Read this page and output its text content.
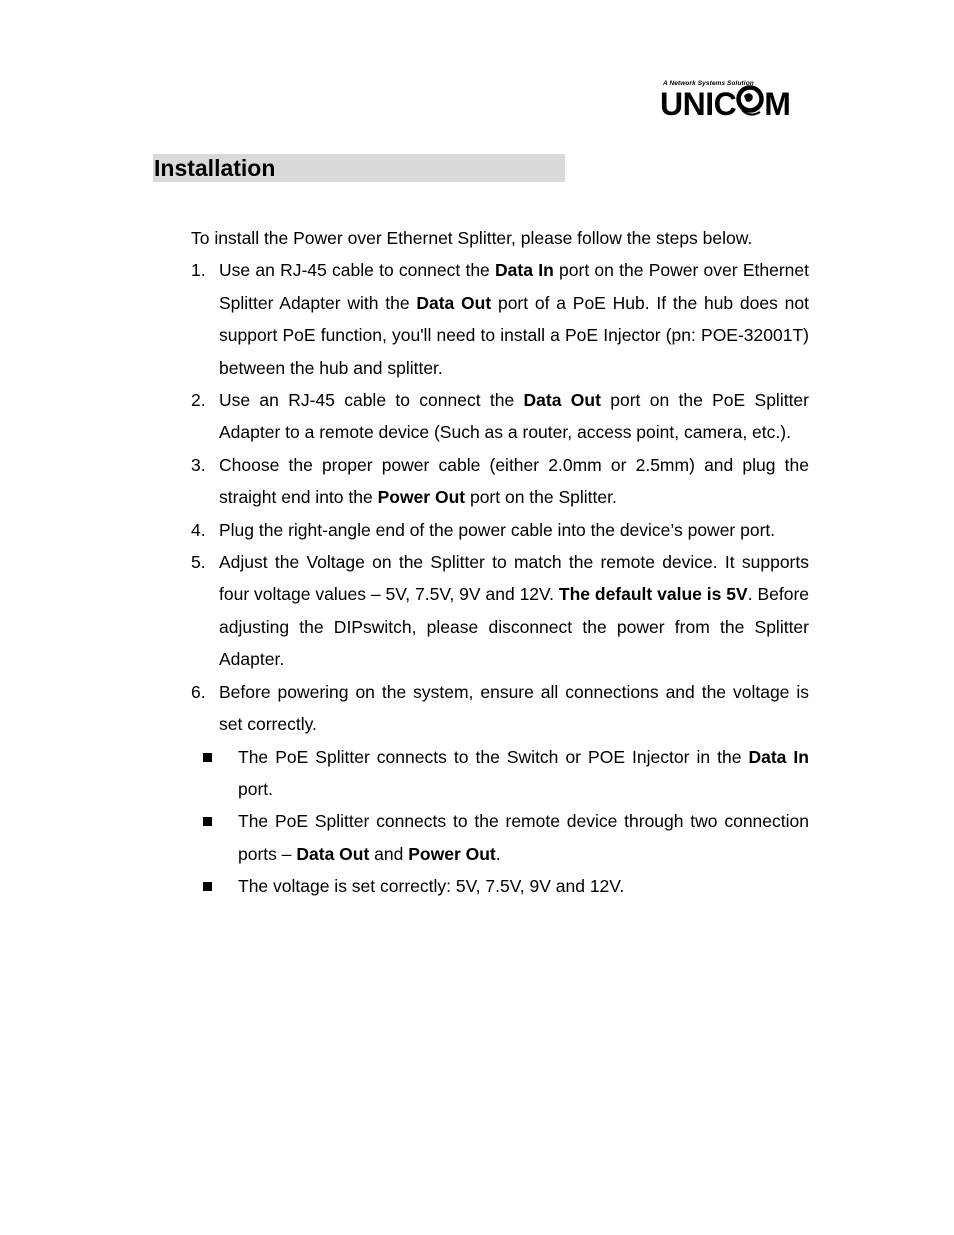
A Network Systems Solution
UNIC M
Installation

To install the Power over Ethernet Splitter, please follow the steps below.

1. Use an RJ-45 cable to connect the Data In port on the Power over Ethernet Splitter Adapter with the Data Out port of a PoE Hub. If the hub does not support PoE function, you'll need to install a PoE Injector (pn: POE-32001T) between the hub and splitter.
2. Use an RJ-45 cable to connect the Data Out port on the PoE Splitter Adapter to a remote device (Such as a router, access point, camera, etc.).
3. Choose the proper power cable (either 2.0mm or 2.5mm) and plug the straight end into the Power Out port on the Splitter.
4. Plug the right-angle end of the power cable into the device’s power port.
5. Adjust the Voltage on the Splitter to match the remote device. It supports four voltage values – 5V, 7.5V, 9V and 12V. The default value is 5V. Before adjusting the DIPswitch, please disconnect the power from the Splitter Adapter.
6. Before powering on the system, ensure all connections and the voltage is set correctly.
The PoE Splitter connects to the Switch or POE Injector in the Data In port.
The PoE Splitter connects to the remote device through two connection ports – Data Out and Power Out.
The voltage is set correctly: 5V, 7.5V, 9V and 12V.
